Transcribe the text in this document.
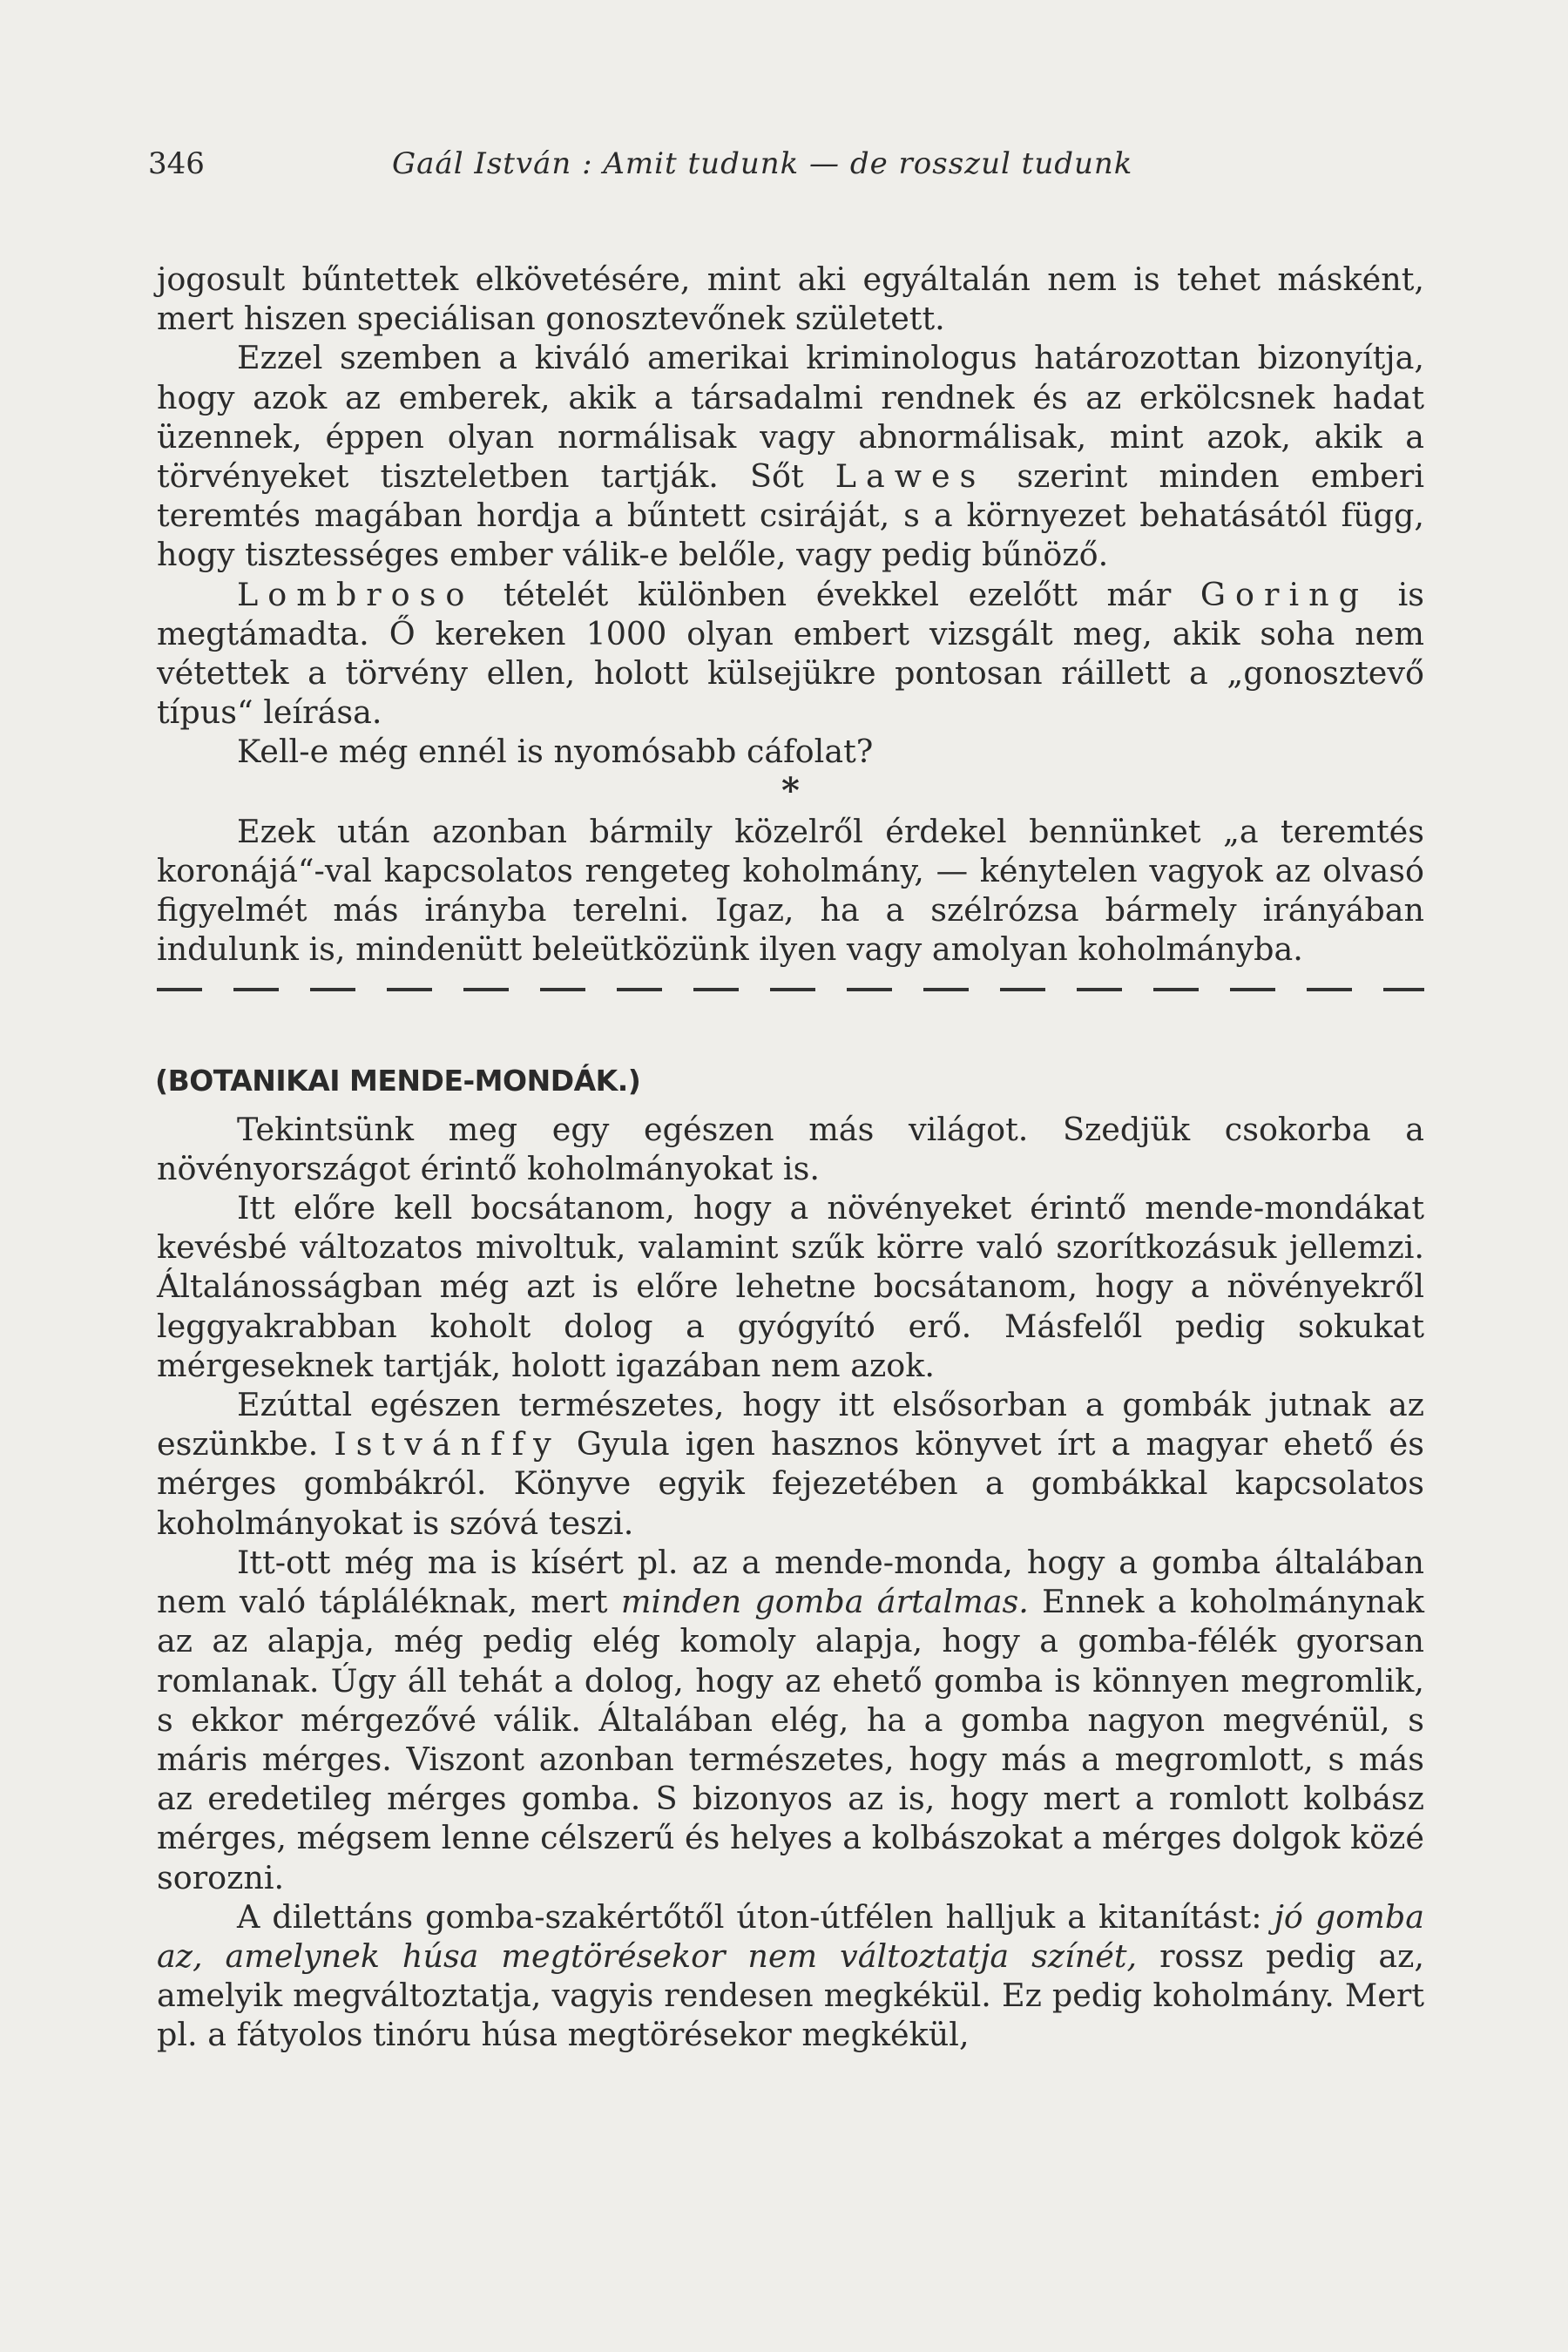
346	Gaál István : Amit tudunk — de rosszul tudunk

jogosult bűntettek elkövetésére, mint aki egyáltalán nem is tehet másként, mert hiszen speciálisan gonosztevőnek született.

Ezzel szemben a kiváló amerikai kriminologus határozottan bizonyítja, hogy azok az emberek, akik a társadalmi rendnek és az erkölcsnek hadat üzennek, éppen olyan normálisak vagy abnormálisak, mint azok, akik a törvényeket tiszteletben tartják. Sőt Lawes szerint minden emberi teremtés magában hordja a bűntett csiráját, s a környezet behatásától függ, hogy tisztességes ember válik-e belőle, vagy pedig bűnöző.

Lombroso tételét különben évekkel ezelőtt már Goring is megtámadta. Ő kereken 1000 olyan embert vizsgált meg, akik soha nem vétettek a törvény ellen, holott külsejükre pontosan ráillett a „gonosztevő típus“ leírása.

Kell-e még ennél is nyomósabb cáfolat?

*

Ezek után azonban bármily közelről érdekel bennünket „a teremtés koronájá“-val kapcsolatos rengeteg koholmány, — kénytelen vagyok az olvasó figyelmét más irányba terelni. Igaz, ha a szélrózsa bármely irányában indulunk is, mindenütt beleütközünk ilyen vagy amolyan koholmányba.

(BOTANIKAI MENDE-MONDÁK.)

Tekintsünk meg egy egészen más világot. Szedjük csokorba a növényországot érintő koholmányokat is.

Itt előre kell bocsátanom, hogy a növényeket érintő mende-mondákat kevésbé változatos mivoltuk, valamint szűk körre való szorítkozásuk jellemzi. Általánosságban még azt is előre lehetne bocsátanom, hogy a növényekről leggyakrabban koholt dolog a gyógyító erő. Másfelől pedig sokukat mérgeseknek tartják, holott igazában nem azok.

Ezúttal egészen természetes, hogy itt elsősorban a gombák jutnak az eszünkbe. Istvánffy Gyula igen hasznos könyvet írt a magyar ehető és mérges gombákról. Könyve egyik fejezetében a gombákkal kapcsolatos koholmányokat is szóvá teszi.

Itt-ott még ma is kísért pl. az a mende-monda, hogy a gomba általában nem való tápláléknak, mert minden gomba ártalmas. Ennek a koholmánynak az az alapja, még pedig elég komoly alapja, hogy a gomba-félék gyorsan romlanak. Úgy áll tehát a dolog, hogy az ehető gomba is könnyen megromlik, s ekkor mérgezővé válik. Általában elég, ha a gomba nagyon megvénül, s máris mérges. Viszont azonban természetes, hogy más a megromlott, s más az eredetileg mérges gomba. S bizonyos az is, hogy mert a romlott kolbász mérges, mégsem lenne célszerű és helyes a kolbászokat a mérges dolgok közé sorozni.

A dilettáns gomba-szakértőtől úton-útfélen halljuk a kitanítást: jó gomba az, amelynek húsa megtörésekor nem változtatja színét, rossz pedig az, amelyik megváltoztatja, vagyis rendesen megkékül. Ez pedig koholmány. Mert pl. a fátyolos tinóru húsa megtörésekor megkékül,
